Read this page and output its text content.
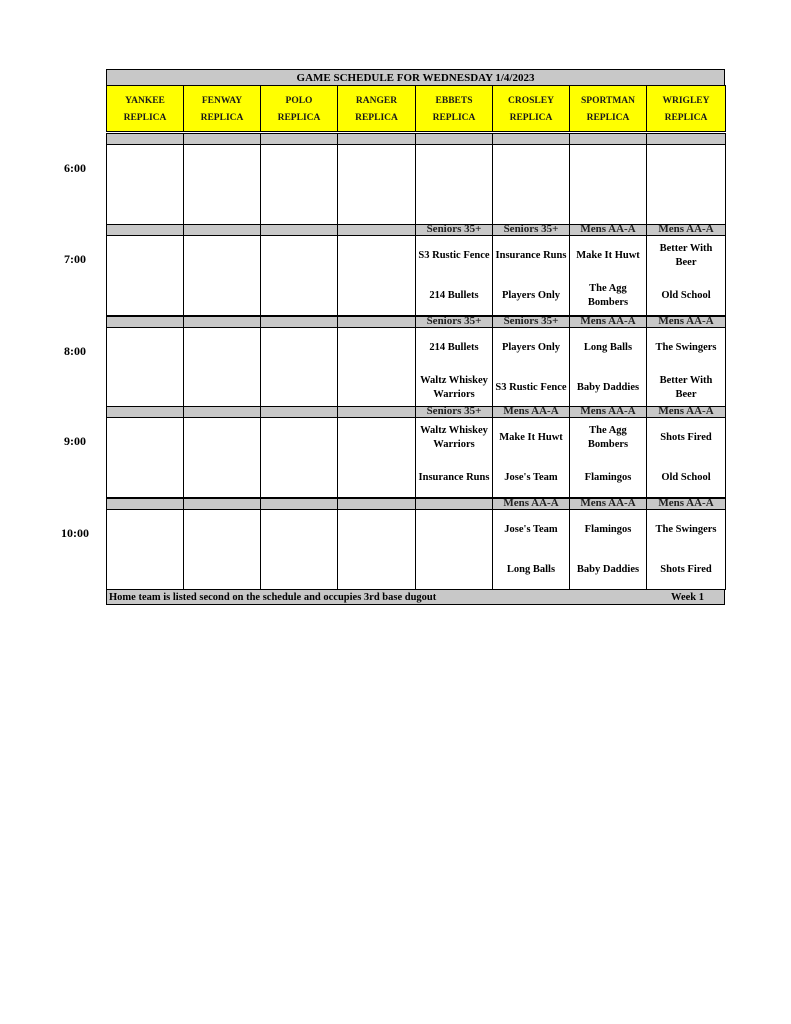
GAME SCHEDULE FOR WEDNESDAY 1/4/2023
YANKEE
REPLICA
FENWAY
REPLICA
POLO
REPLICA
RANGER
REPLICA
EBBETS
REPLICA
CROSLEY
REPLICA
SPORTMAN
REPLICA
WRIGLEY
REPLICA
Seniors 35+
S3 Rustic Fence
214 Bullets
Seniors 35+
Insurance Runs
Players Only
Mens AA-A
Make It Huwt
The Agg Bombers
Mens AA-A
Better With Beer
Old School
Seniors 35+
214 Bullets
Waltz Whiskey Warriors
Seniors 35+
Players Only
S3 Rustic Fence
Mens AA-A
Long Balls
Baby Daddies
Mens AA-A
The Swingers
Better With Beer
Seniors 35+
Waltz Whiskey Warriors
Insurance Runs
Mens AA-A
Make It Huwt
Jose's Team
Mens AA-A
The Agg Bombers
Flamingos
Mens AA-A
Shots Fired
Old School
Mens AA-A
Jose's Team
Long Balls
Mens AA-A
Flamingos
Baby Daddies
Mens AA-A
The Swingers
Shots Fired
Home team is listed second on the schedule and occupies 3rd base dugout	Week 1
6:00
7:00
8:00
9:00
10:00
